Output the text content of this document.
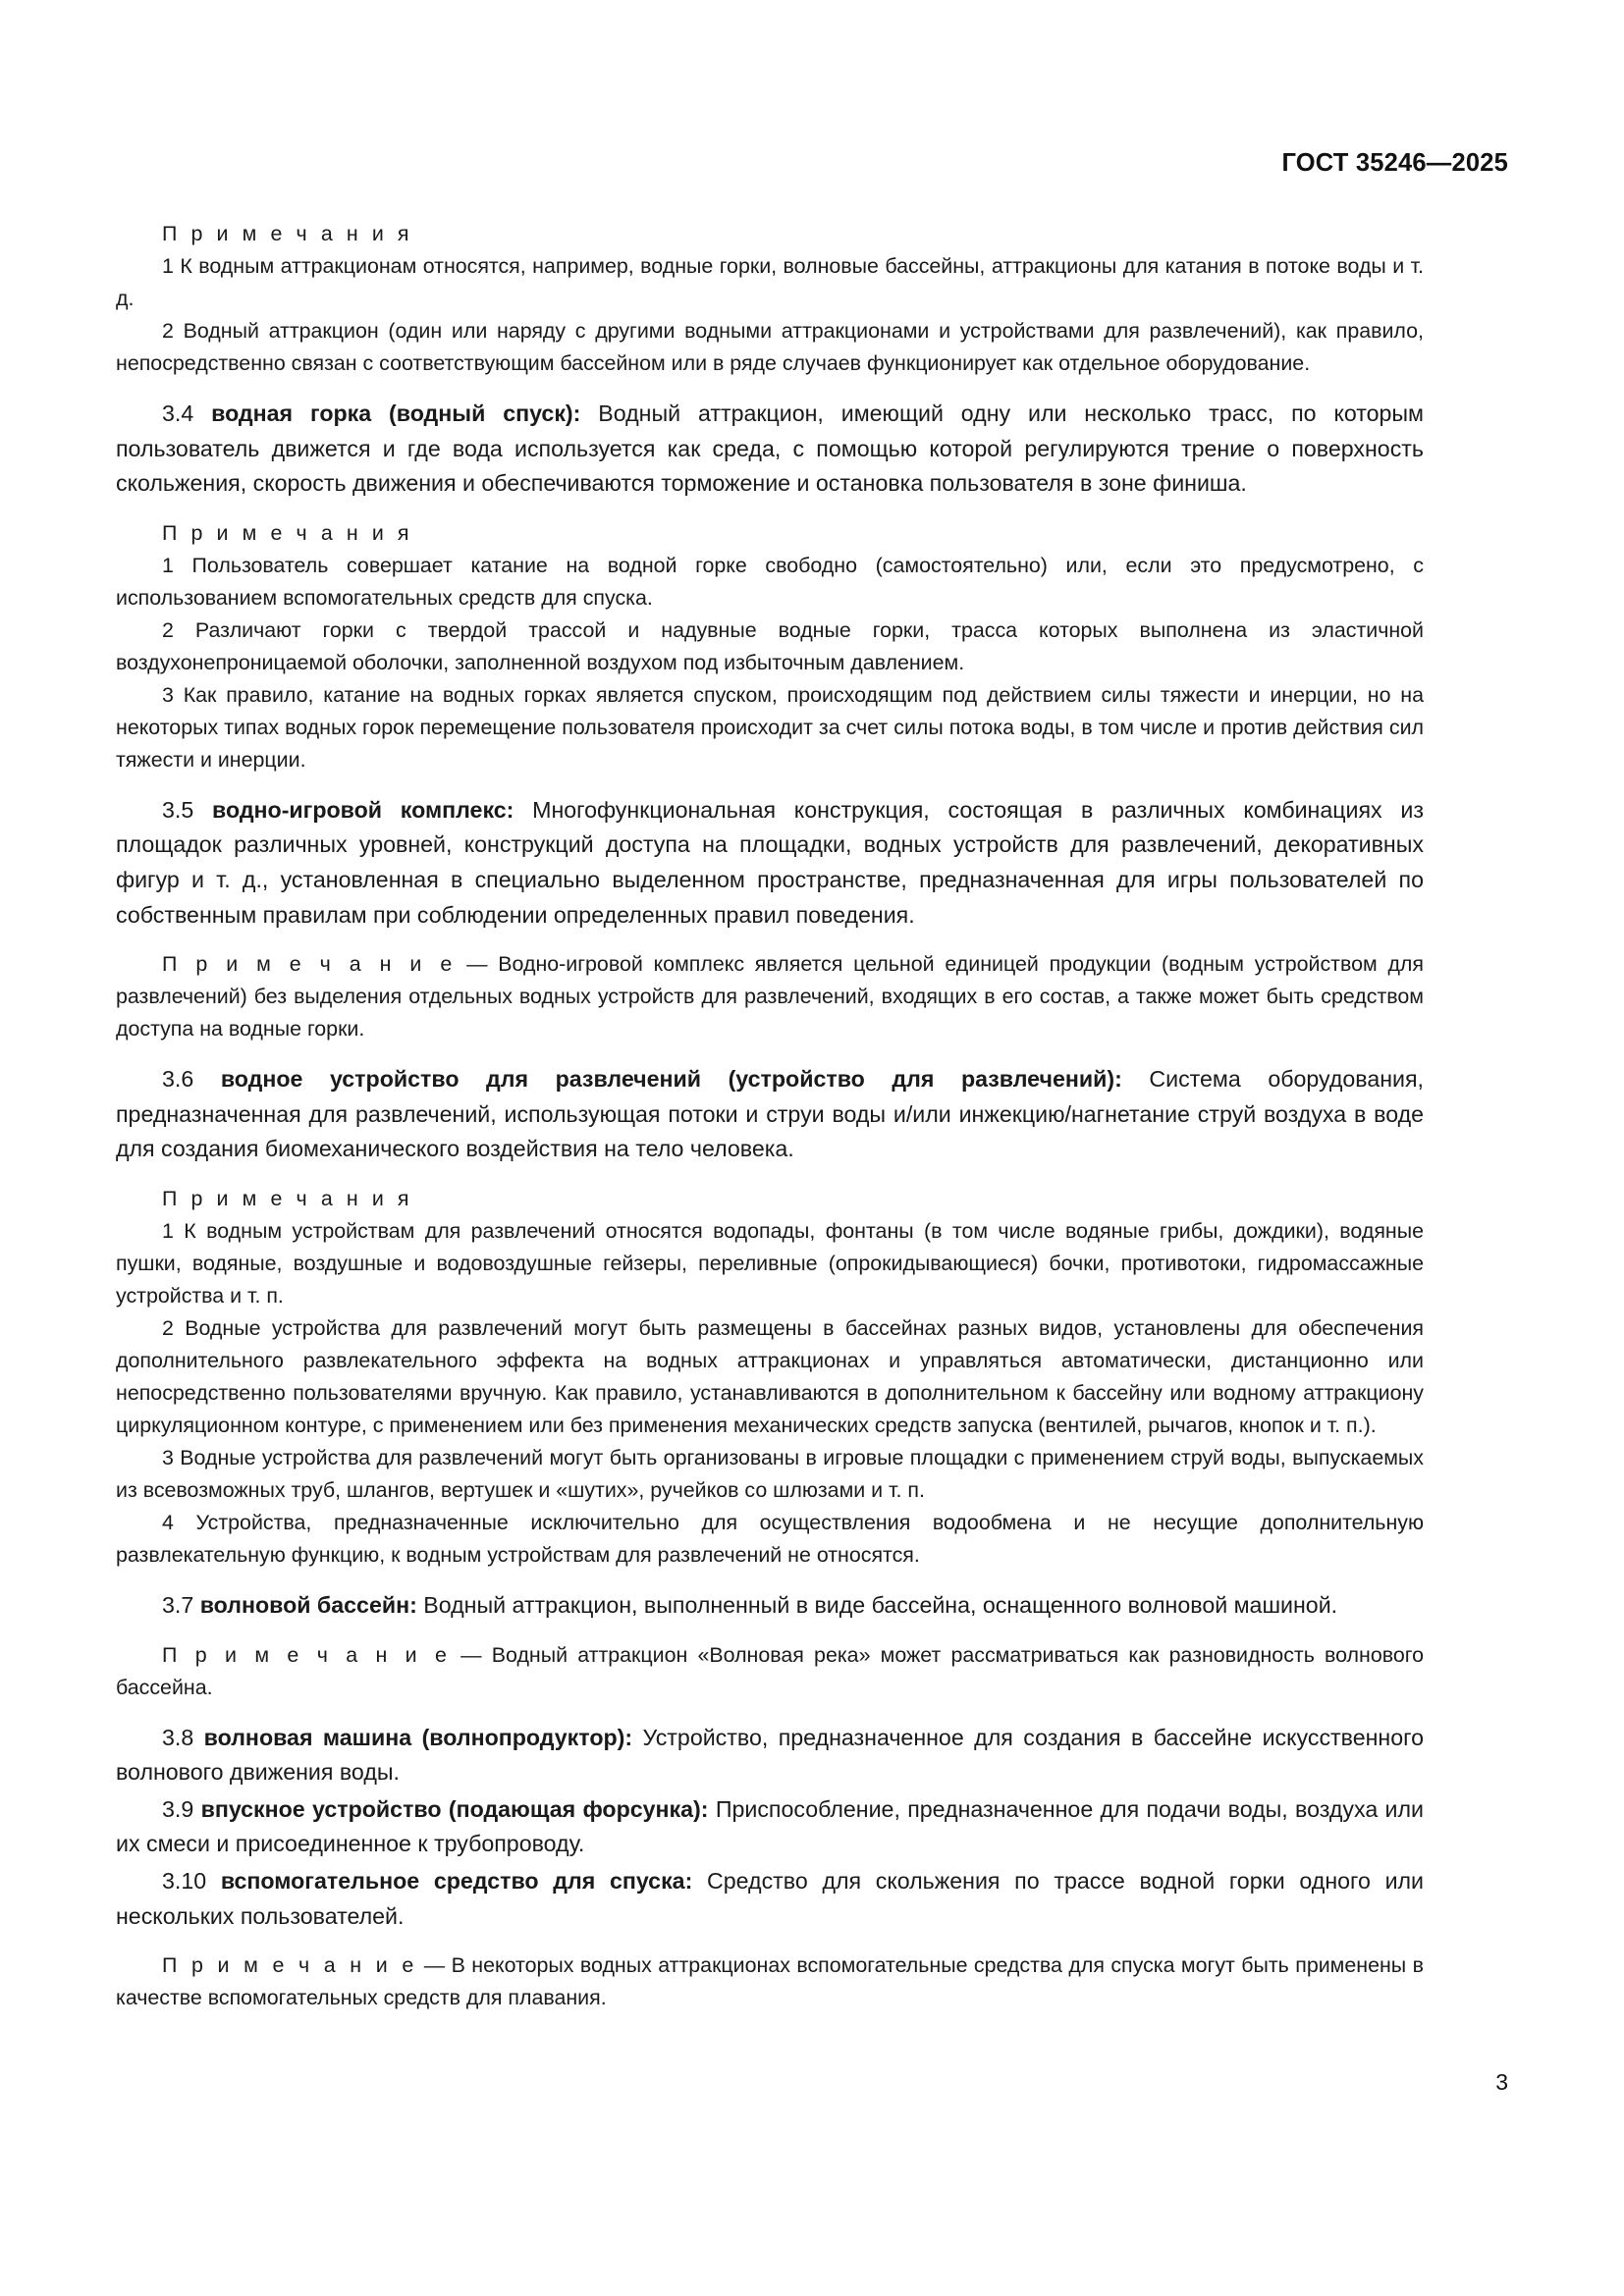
ГОСТ 35246—2025

П р и м е ч а н и я

1 К водным аттракционам относятся, например, водные горки, волновые бассейны, аттракционы для катания в потоке воды и т. д.

2 Водный аттракцион (один или наряду с другими водными аттракционами и устройствами для развлечений), как правило, непосредственно связан с соответствующим бассейном или в ряде случаев функционирует как отдельное оборудование.

3.4 водная горка (водный спуск): Водный аттракцион, имеющий одну или несколько трасс, по которым пользователь движется и где вода используется как среда, с помощью которой регулируются трение о поверхность скольжения, скорость движения и обеспечиваются торможение и остановка пользователя в зоне финиша.

П р и м е ч а н и я

1 Пользователь совершает катание на водной горке свободно (самостоятельно) или, если это предусмотрено, с использованием вспомогательных средств для спуска.

2 Различают горки с твердой трассой и надувные водные горки, трасса которых выполнена из эластичной воздухонепроницаемой оболочки, заполненной воздухом под избыточным давлением.

3 Как правило, катание на водных горках является спуском, происходящим под действием силы тяжести и инерции, но на некоторых типах водных горок перемещение пользователя происходит за счет силы потока воды, в том числе и против действия сил тяжести и инерции.

3.5 водно-игровой комплекс: Многофункциональная конструкция, состоящая в различных комбинациях из площадок различных уровней, конструкций доступа на площадки, водных устройств для развлечений, декоративных фигур и т. д., установленная в специально выделенном пространстве, предназначенная для игры пользователей по собственным правилам при соблюдении определенных правил поведения.

П р и м е ч а н и е — Водно-игровой комплекс является цельной единицей продукции (водным устройством для развлечений) без выделения отдельных водных устройств для развлечений, входящих в его состав, а также может быть средством доступа на водные горки.

3.6 водное устройство для развлечений (устройство для развлечений): Система оборудования, предназначенная для развлечений, использующая потоки и струи воды и/или инжекцию/нагнетание струй воздуха в воде для создания биомеханического воздействия на тело человека.

П р и м е ч а н и я

1 К водным устройствам для развлечений относятся водопады, фонтаны (в том числе водяные грибы, дождики), водяные пушки, водяные, воздушные и водовоздушные гейзеры, переливные (опрокидывающиеся) бочки, противотоки, гидромассажные устройства и т. п.

2 Водные устройства для развлечений могут быть размещены в бассейнах разных видов, установлены для обеспечения дополнительного развлекательного эффекта на водных аттракционах и управляться автоматически, дистанционно или непосредственно пользователями вручную. Как правило, устанавливаются в дополнительном к бассейну или водному аттракциону циркуляционном контуре, с применением или без применения механических средств запуска (вентилей, рычагов, кнопок и т. п.).

3 Водные устройства для развлечений могут быть организованы в игровые площадки с применением струй воды, выпускаемых из всевозможных труб, шлангов, вертушек и «шутих», ручейков со шлюзами и т. п.

4 Устройства, предназначенные исключительно для осуществления водообмена и не несущие дополнительную развлекательную функцию, к водным устройствам для развлечений не относятся.

3.7 волновой бассейн: Водный аттракцион, выполненный в виде бассейна, оснащенного волновой машиной.

П р и м е ч а н и е — Водный аттракцион «Волновая река» может рассматриваться как разновидность волнового бассейна.

3.8 волновая машина (волнопродуктор): Устройство, предназначенное для создания в бассейне искусственного волнового движения воды.

3.9 впускное устройство (подающая форсунка): Приспособление, предназначенное для подачи воды, воздуха или их смеси и присоединенное к трубопроводу.

3.10 вспомогательное средство для спуска: Средство для скольжения по трассе водной горки одного или нескольких пользователей.

П р и м е ч а н и е — В некоторых водных аттракционах вспомогательные средства для спуска могут быть применены в качестве вспомогательных средств для плавания.

3
